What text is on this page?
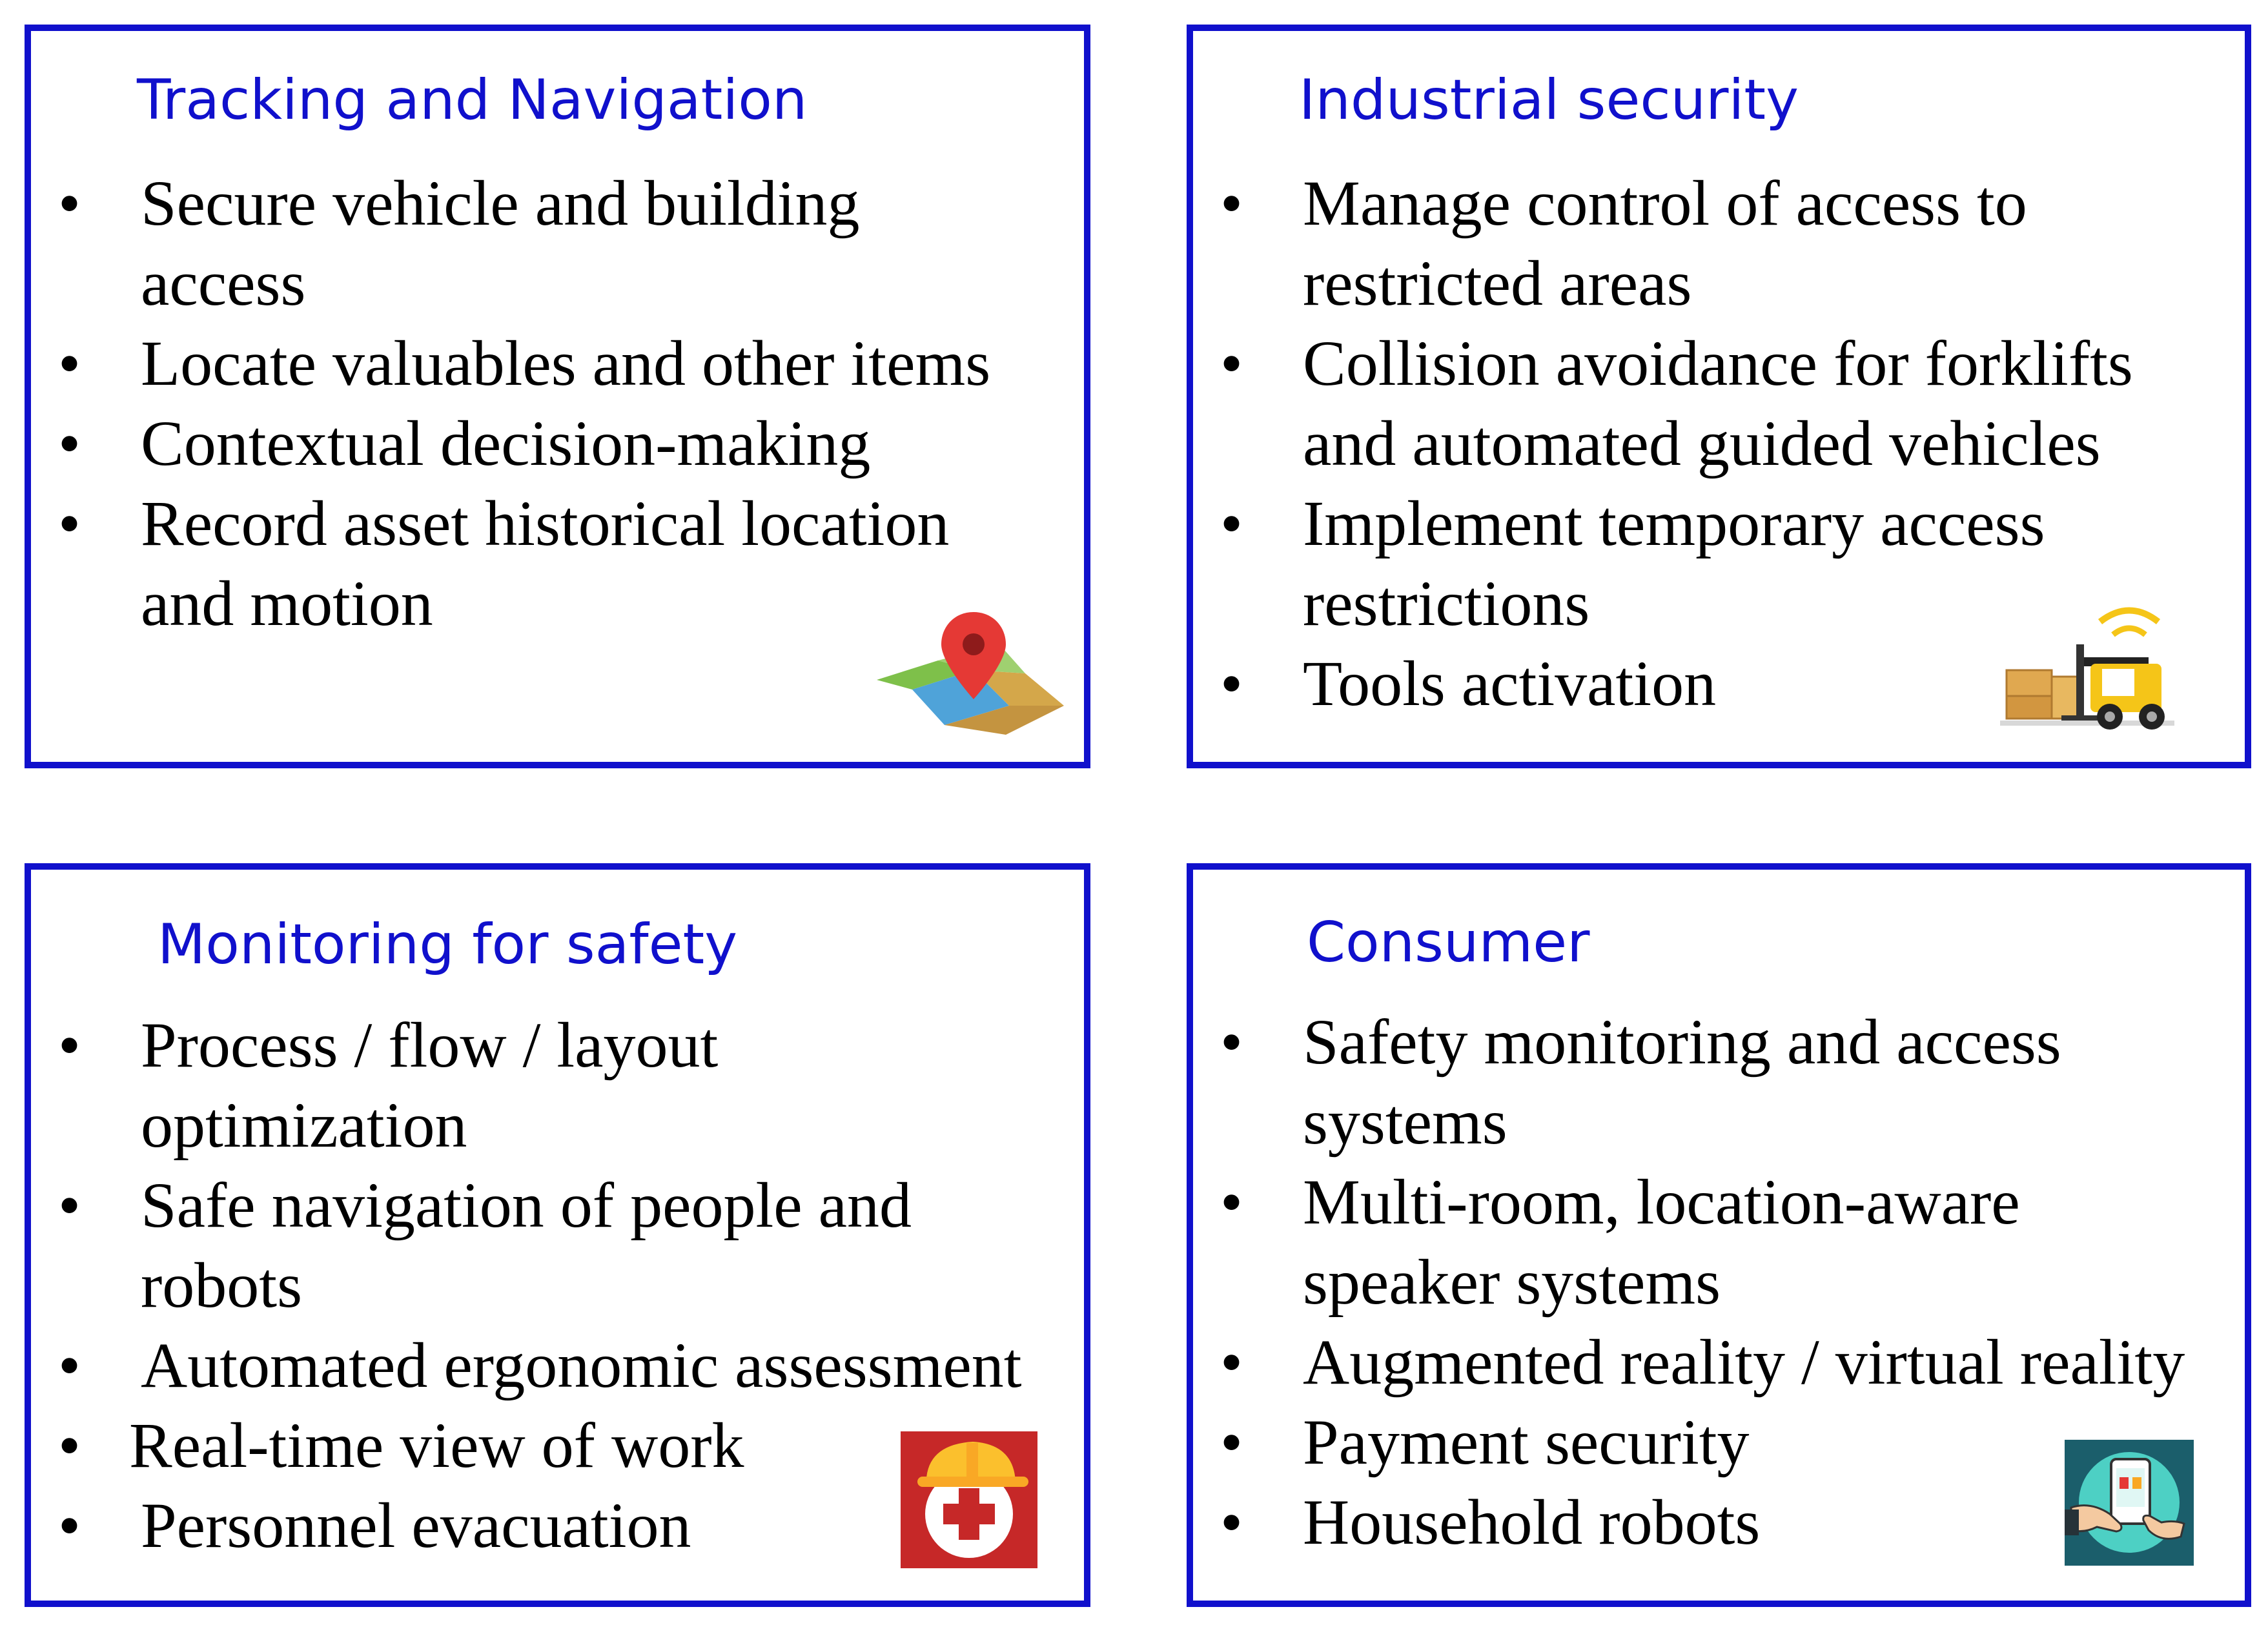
Tracking and Navigation
• Secure vehicle and building
access
• Locate valuables and other items
• Contextual decision-making
• Record asset historical location
and motion
Industrial security
• Manage control of access to
restricted areas
• Collision avoidance for forklifts
and automated guided vehicles
• Implement temporary access
restrictions
• Tools activation
Monitoring for safety
• Process / flow / layout
optimization
• Safe navigation of people and
robots
• Automated ergonomic assessment
• Real-time view of work
• Personnel evacuation
Consumer
• Safety monitoring and access
systems
• Multi-room, location-aware
speaker systems
• Augmented reality / virtual reality
• Payment security
• Household robots
